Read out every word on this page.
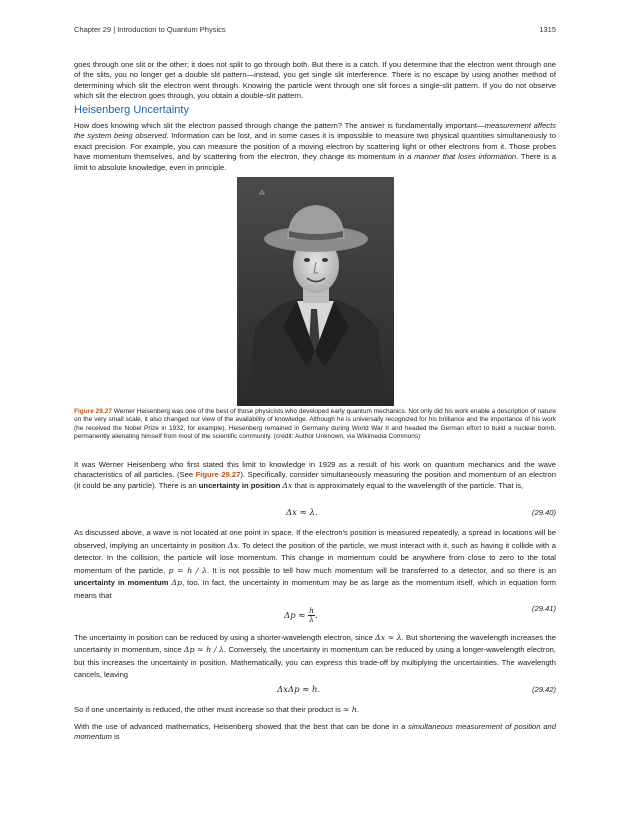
Chapter 29 | Introduction to Quantum Physics	1315

goes through one slit or the other; it does not split to go through both. But there is a catch. If you determine that the electron went through one of the slits, you no longer get a double slit pattern—instead, you get single slit interference. There is no escape by using another method of determining which slit the electron went through. Knowing the particle went through one slit forces a single-slit pattern. If you do not observe which slit the electron goes through, you obtain a double-slit pattern.

Heisenberg Uncertainty

How does knowing which slit the electron passed through change the pattern? The answer is fundamentally important—measurement affects the system being observed. Information can be lost, and in some cases it is impossible to measure two physical quantities simultaneously to exact precision. For example, you can measure the position of a moving electron by scattering light or other electrons from it. Those probes have momentum themselves, and by scattering from the electron, they change its momentum in a manner that loses information. There is a limit to absolute knowledge, even in principle.

⁂

Figure 29.27 Werner Heisenberg was one of the best of those physicists who developed early quantum mechanics. Not only did his work enable a description of nature on the very small scale, it also changed our view of the availability of knowledge. Although he is universally recognized for his brilliance and the importance of his work (he received the Nobel Prize in 1932, for example), Heisenberg remained in Germany during World War II and headed the German effort to build a nuclear bomb, permanently alienating himself from most of the scientific community. (credit: Author Unknown, via Wikimedia Commons)

It was Werner Heisenberg who first stated this limit to knowledge in 1929 as a result of his work on quantum mechanics and the wave characteristics of all particles. (See Figure 29.27). Specifically, consider simultaneously measuring the position and momentum of an electron (it could be any particle). There is an uncertainty in position Δx that is approximately equal to the wavelength of the particle. That is,

Δx ≈ λ.	(29.40)

As discussed above, a wave is not located at one point in space. If the electron's position is measured repeatedly, a spread in locations will be observed, implying an uncertainty in position Δx. To detect the position of the particle, we must interact with it, such as having it collide with a detector. In the collision, the particle will lose momentum. This change in momentum could be anywhere from close to zero to the total momentum of the particle, p = h / λ. It is not possible to tell how much momentum will be transferred to a detector, and so there is an uncertainty in momentum Δp, too. In fact, the uncertainty in momentum may be as large as the momentum itself, which in equation form means that

$\Delta p \approx \frac{h}{\lambda}$ .
(29.41)

The uncertainty in position can be reduced by using a shorter-wavelength electron, since Δx ≈ λ. But shortening the wavelength increases the uncertainty in momentum, since Δp ≈ h / λ. Conversely, the uncertainty in momentum can be reduced by using a longer-wavelength electron, but this increases the uncertainty in position. Mathematically, you can express this trade-off by multiplying the uncertainties. The wavelength cancels, leaving

ΔxΔp ≈ h.	(29.42)

So if one uncertainty is reduced, the other must increase so that their product is ≈ h.

With the use of advanced mathematics, Heisenberg showed that the best that can be done in a simultaneous measurement of position and momentum is
